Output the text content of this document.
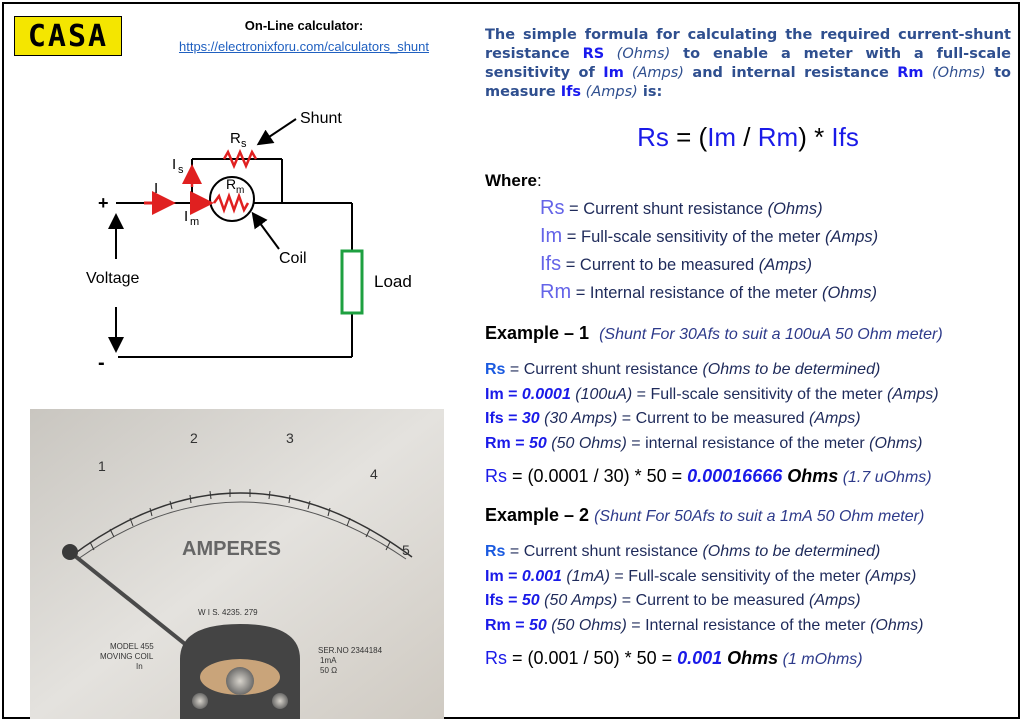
CASA	On-Line calculator:
https://electronixforu.com/calculators_shunt
Shunt
R s
R m
I s
I
I m
Coil
Voltage	Load
+
-
1
2	3
4
5
AMPERES
W I S. 4235. 279
MODEL 455
MOVING COIL
In
SER.NO 2344184
1mA
50 Ω

The simple formula for calculating the required current-shunt resistance RS (Ohms) to enable a meter with a full-scale sensitivity of Im (Amps) and internal resistance Rm (Ohms) to measure Ifs (Amps) is:

Rs = (Im / Rm) * Ifs
Where:
Rs = Current shunt resistance (Ohms)
Im = Full-scale sensitivity of the meter (Amps)
Ifs = Current to be measured (Amps)
Rm = Internal resistance of the meter (Ohms)
Example – 1 (Shunt For 30Afs to suit a 100uA 50 Ohm meter)
Rs = Current shunt resistance (Ohms to be determined)
Im = 0.0001 (100uA) = Full-scale sensitivity of the meter (Amps)
Ifs = 30 (30 Amps) = Current to be measured (Amps)
Rm = 50 (50 Ohms) = internal resistance of the meter (Ohms)
Rs = (0.0001 / 30) * 50 = 0.00016666 Ohms (1.7 uOhms)
Example – 2 (Shunt For 50Afs to suit a 1mA 50 Ohm meter)
Rs = Current shunt resistance (Ohms to be determined)
Im = 0.001 (1mA) = Full-scale sensitivity of the meter (Amps)
Ifs = 50 (50 Amps) = Current to be measured (Amps)
Rm = 50 (50 Ohms) = Internal resistance of the meter (Ohms)
Rs = (0.001 / 50) * 50 = 0.001 Ohms (1 mOhms)
